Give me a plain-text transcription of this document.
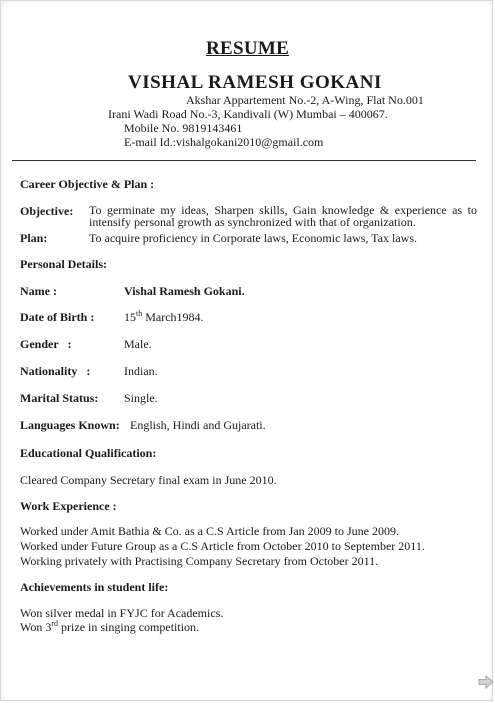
RESUME
VISHAL RAMESH GOKANI
Akshar Appartement No.-2, A-Wing, Flat No.001
Irani Wadi Road No.-3, Kandivali (W) Mumbai – 400067.
Mobile No. 9819143461
E-mail Id.:vishalgokani2010@gmail.com
Career Objective & Plan :
Objective: To germinate my ideas, Sharpen skills, Gain knowledge & experience as to
intensify personal growth as synchronized with that of organization.
Plan:	To acquire proficiency in Corporate laws, Economic laws, Tax laws.
Personal Details:
Name :	Vishal Ramesh Gokani.
Date of Birth : 15th March1984.
Gender   :	Male.
Nationality   :	Indian.
Marital Status: Single.
Languages Known: English, Hindi and Gujarati.
Educational Qualification:
Cleared Company Secretary final exam in June 2010.
Work Experience :
Worked under Amit Bathia & Co. as a C.S Article from Jan 2009 to June 2009.
Worked under Future Group as a C.S Article from October 2010 to September 2011.
Working privately with Practising Company Secretary from October 2011.
Achievements in student life:
Won silver medal in FYJC for Academics.
Won 3rd prize in singing competition.
